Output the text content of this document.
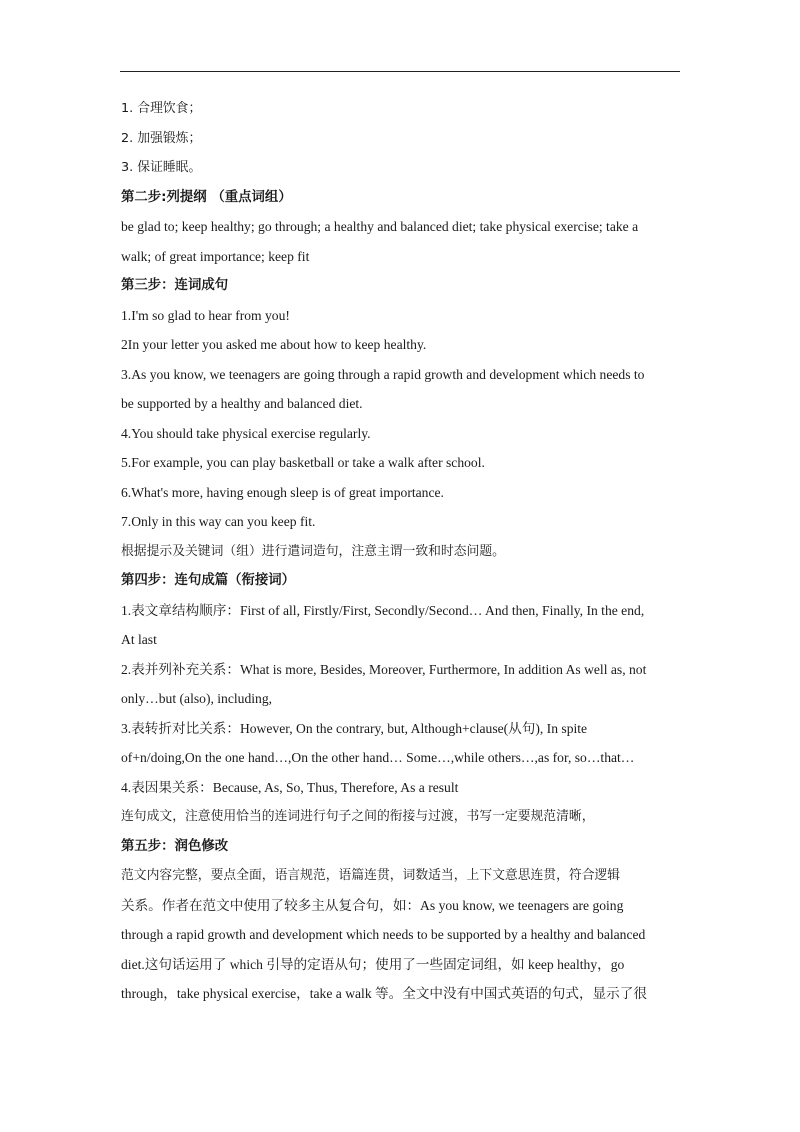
1. 合理饮食；
2. 加强锻炼；
3. 保证睡眠。
第二步:列提纲 （重点词组）
be glad to; keep healthy; go through; a healthy and balanced diet; take physical exercise; take a
walk; of great importance; keep fit
第三步：连词成句
1.I'm so glad to hear from you!
2In your letter you asked me about how to keep healthy.
3.As you know, we teenagers are going through a rapid growth and development which needs to
be supported by a healthy and balanced diet.
4.You should take physical exercise regularly.
5.For example, you can play basketball or take a walk after school.
6.What's more, having enough sleep is of great importance.
7.Only in this way can you keep fit.
根据提示及关键词（组）进行遣词造句，注意主谓一致和时态问题。
第四步：连句成篇（衔接词）
1.表文章结构顺序：First of all, Firstly/First, Secondly/Second… And then, Finally, In the end,
At last
2.表并列补充关系：What is more, Besides, Moreover, Furthermore, In addition As well as, not
only…but (also), including,
3.表转折对比关系：However, On the contrary, but, Although+clause(从句), In spite
of+n/doing,On the one hand…,On the other hand… Some…,while others…,as for, so…that…
4.表因果关系：Because, As, So, Thus, Therefore, As a result
连句成文，注意使用恰当的连词进行句子之间的衔接与过渡，书写一定要规范清晰，
第五步：润色修改
范文内容完整，要点全面，语言规范，语篇连贯，词数适当，上下文意思连贯，符合逻辑
关系。作者在范文中使用了较多主从复合句，如：As you know, we teenagers are going
through a rapid growth and development which needs to be supported by a healthy and balanced
diet.这句话运用了 which 引导的定语从句；使用了一些固定词组，如 keep healthy，go
through，take physical exercise，take a walk 等。全文中没有中国式英语的句式，显示了很
